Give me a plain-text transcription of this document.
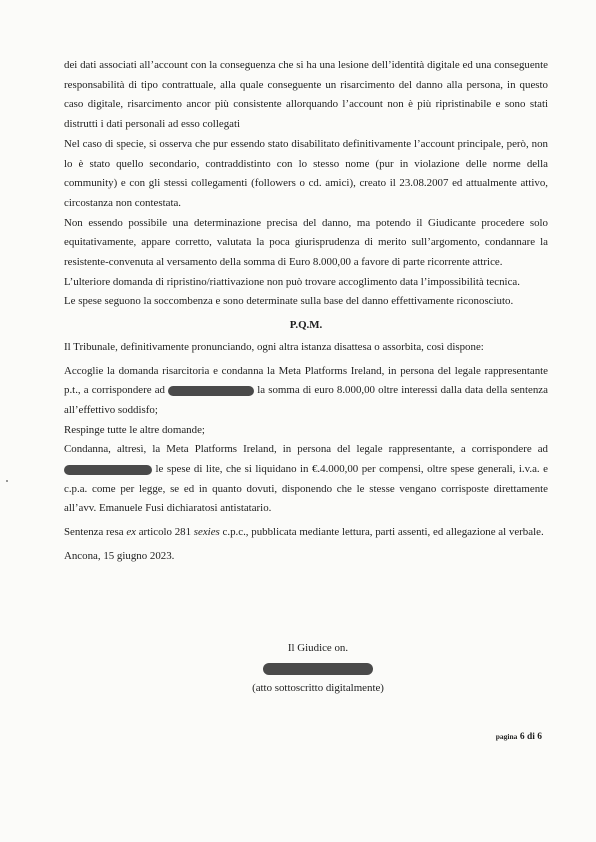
dei dati associati all’account con la conseguenza che si ha una lesione dell’identità digitale ed una conseguente responsabilità di tipo contrattuale, alla quale conseguente un risarcimento del danno alla persona, in questo caso digitale, risarcimento ancor più consistente allorquando l’account non è più ripristinabile e sono stati distrutti i dati personali ad esso collegati

Nel caso di specie, si osserva che pur essendo stato disabilitato definitivamente l’account principale, però, non lo è stato quello secondario, contraddistinto con lo stesso nome (pur in violazione delle norme della community) e con gli stessi collegamenti (followers o cd. amici), creato il 23.08.2007 ed attualmente attivo, circostanza non contestata.

Non essendo possibile una determinazione precisa del danno, ma potendo il Giudicante procedere solo equitativamente, appare corretto, valutata la poca giurisprudenza di merito sull’argomento, condannare la resistente-convenuta al versamento della somma di Euro 8.000,00 a favore di parte ricorrente attrice.

L’ulteriore domanda di ripristino/riattivazione non può trovare accoglimento data l’impossibilità tecnica.

Le spese seguono la soccombenza e sono determinate sulla base del danno effettivamente riconosciuto.

P.Q.M.

Il Tribunale, definitivamente pronunciando, ogni altra istanza disattesa o assorbita, così dispone:

Accoglie la domanda risarcitoria e condanna la Meta Platforms Ireland, in persona del legale rappresentante p.t., a corrispondere ad	la somma di euro 8.000,00 oltre interessi dalla data della sentenza all’effettivo soddisfo;

Respinge tutte le altre domande;

Condanna, altresì, la Meta Platforms Ireland, in persona del legale rappresentante, a corrispondere ad  le spese di lite, che si liquidano in €.4.000,00 per compensi, oltre spese generali, i.v.a. e c.p.a. come per legge, se ed in quanto dovuti, disponendo che le stesse vengano corrisposte direttamente all’avv. Emanuele Fusi dichiaratosi antistatario.

Sentenza resa ex articolo 281 sexies c.p.c., pubblicata mediante lettura, parti assenti, ed allegazione al verbale.

Ancona, 15 giugno 2023.

Il Giudice on.
(atto sottoscritto digitalmente)
pagina 6 di 6
